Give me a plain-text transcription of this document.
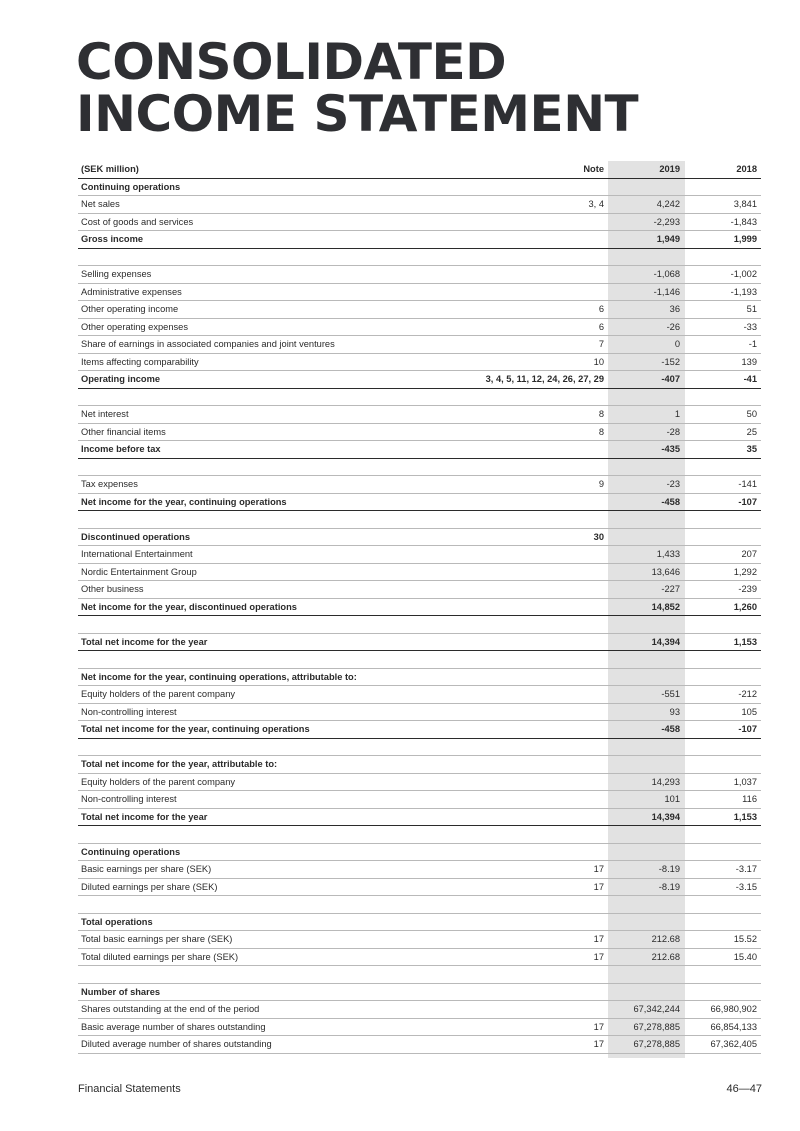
CONSOLIDATED
INCOME STATEMENT
(SEK million)	Note	2019	2018
Continuing operations			
Net sales	3, 4	4,242	3,841
Cost of goods and services		-2,293	-1,843
Gross income		1,949	1,999

Selling expenses		-1,068	-1,002
Administrative expenses		-1,146	-1,193
Other operating income	6	36	51
Other operating expenses	6	-26	-33
Share of earnings in associated companies and joint ventures	7	0	-1
Items affecting comparability	10	-152	139
Operating income	3, 4, 5, 11, 12, 24, 26, 27, 29	-407	-41

Net interest	8	1	50
Other financial items	8	-28	25
Income before tax		-435	35

Tax expenses	9	-23	-141
Net income for the year, continuing operations		-458	-107

Discontinued operations	30		
International Entertainment		1,433	207
Nordic Entertainment Group		13,646	1,292
Other business		-227	-239
Net income for the year, discontinued operations		14,852	1,260

Total net income for the year		14,394	1,153

Net income for the year, continuing operations, attributable to:			
Equity holders of the parent company		-551	-212
Non-controlling interest		93	105
Total net income for the year, continuing operations		-458	-107

Total net income for the year, attributable to:			
Equity holders of the parent company		14,293	1,037
Non-controlling interest		101	116
Total net income for the year		14,394	1,153

Continuing operations			
Basic earnings per share (SEK)	17	-8.19	-3.17
Diluted earnings per share (SEK)	17	-8.19	-3.15

Total operations			
Total basic earnings per share (SEK)	17	212.68	15.52
Total diluted earnings per share (SEK)	17	212.68	15.40

Number of shares			
Shares outstanding at the end of the period		67,342,244	66,980,902
Basic average number of shares outstanding	17	67,278,885	66,854,133
Diluted average number of shares outstanding	17	67,278,885	67,362,405
Financial Statements	46—47
